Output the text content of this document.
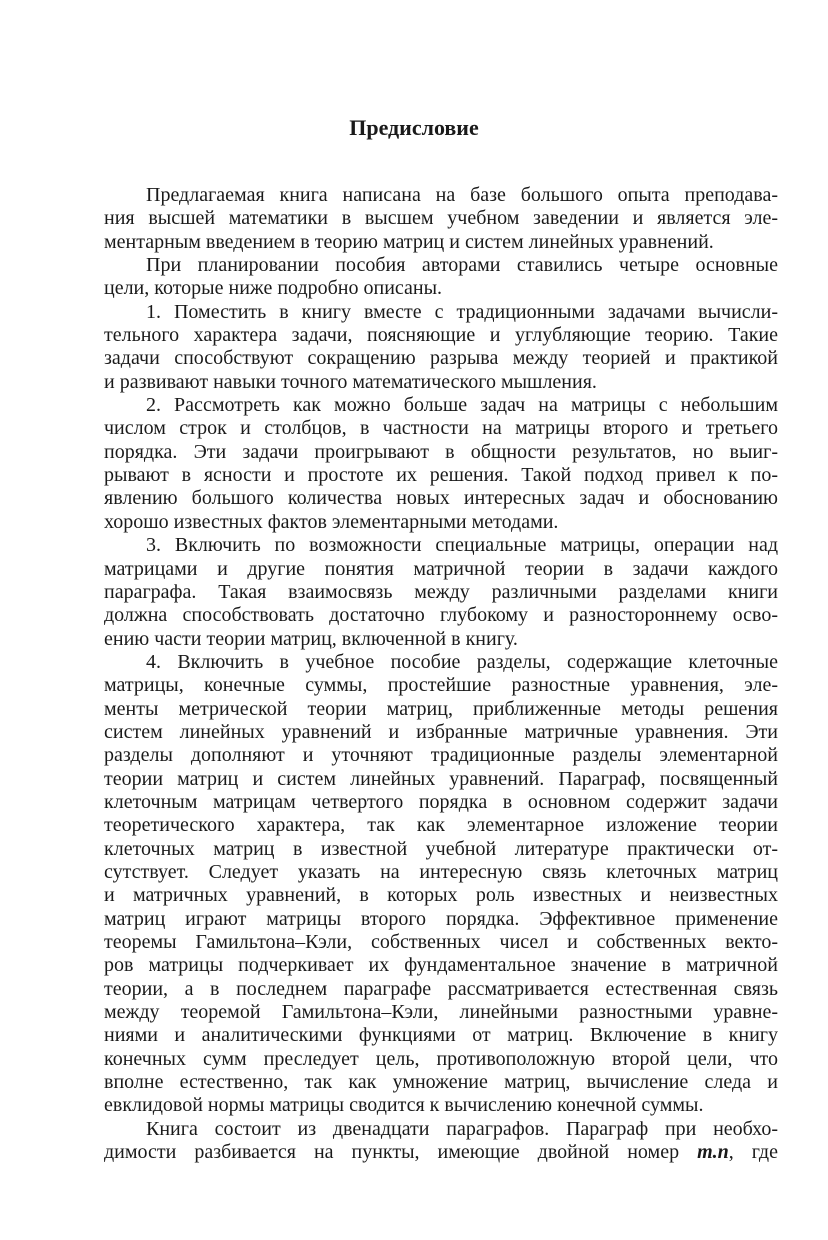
Предисловие
Предлагаемая книга написана на базе большого опыта преподава-
ния высшей математики в высшем учебном заведении и является эле-
ментарным введением в теорию матриц и систем линейных уравнений.
При планировании пособия авторами ставились четыре основные
цели, которые ниже подробно описаны.
1. Поместить в книгу вместе с традиционными задачами вычисли-
тельного характера задачи, поясняющие и углубляющие теорию. Такие
задачи способствуют сокращению разрыва между теорией и практикой
и развивают навыки точного математического мышления.
2. Рассмотреть как можно больше задач на матрицы с небольшим
числом строк и столбцов, в частности на матрицы второго и третьего
порядка. Эти задачи проигрывают в общности результатов, но выиг-
рывают в ясности и простоте их решения. Такой подход привел к по-
явлению большого количества новых интересных задач и обоснованию
хорошо известных фактов элементарными методами.
3. Включить по возможности специальные матрицы, операции над
матрицами и другие понятия матричной теории в задачи каждого
параграфа. Такая взаимосвязь между различными разделами книги
должна способствовать достаточно глубокому и разностороннему осво-
ению части теории матриц, включенной в книгу.
4. Включить в учебное пособие разделы, содержащие клеточные
матрицы, конечные суммы, простейшие разностные уравнения, эле-
менты метрической теории матриц, приближенные методы решения
систем линейных уравнений и избранные матричные уравнения. Эти
разделы дополняют и уточняют традиционные разделы элементарной
теории матриц и систем линейных уравнений. Параграф, посвященный
клеточным матрицам четвертого порядка в основном содержит задачи
теоретического характера, так как элементарное изложение теории
клеточных матриц в известной учебной литературе практически от-
сутствует. Следует указать на интересную связь клеточных матриц
и матричных уравнений, в которых роль известных и неизвестных
матриц играют матрицы второго порядка. Эффективное применение
теоремы Гамильтона–Кэли, собственных чисел и собственных векто-
ров матрицы подчеркивает их фундаментальное значение в матричной
теории, а в последнем параграфе рассматривается естественная связь
между теоремой Гамильтона–Кэли, линейными разностными уравне-
ниями и аналитическими функциями от матриц. Включение в книгу
конечных сумм преследует цель, противоположную второй цели, что
вполне естественно, так как умножение матриц, вычисление следа и
евклидовой нормы матрицы сводится к вычислению конечной суммы.
Книга состоит из двенадцати параграфов. Параграф при необхо-
димости разбивается на пункты, имеющие двойной номер m.n, где
